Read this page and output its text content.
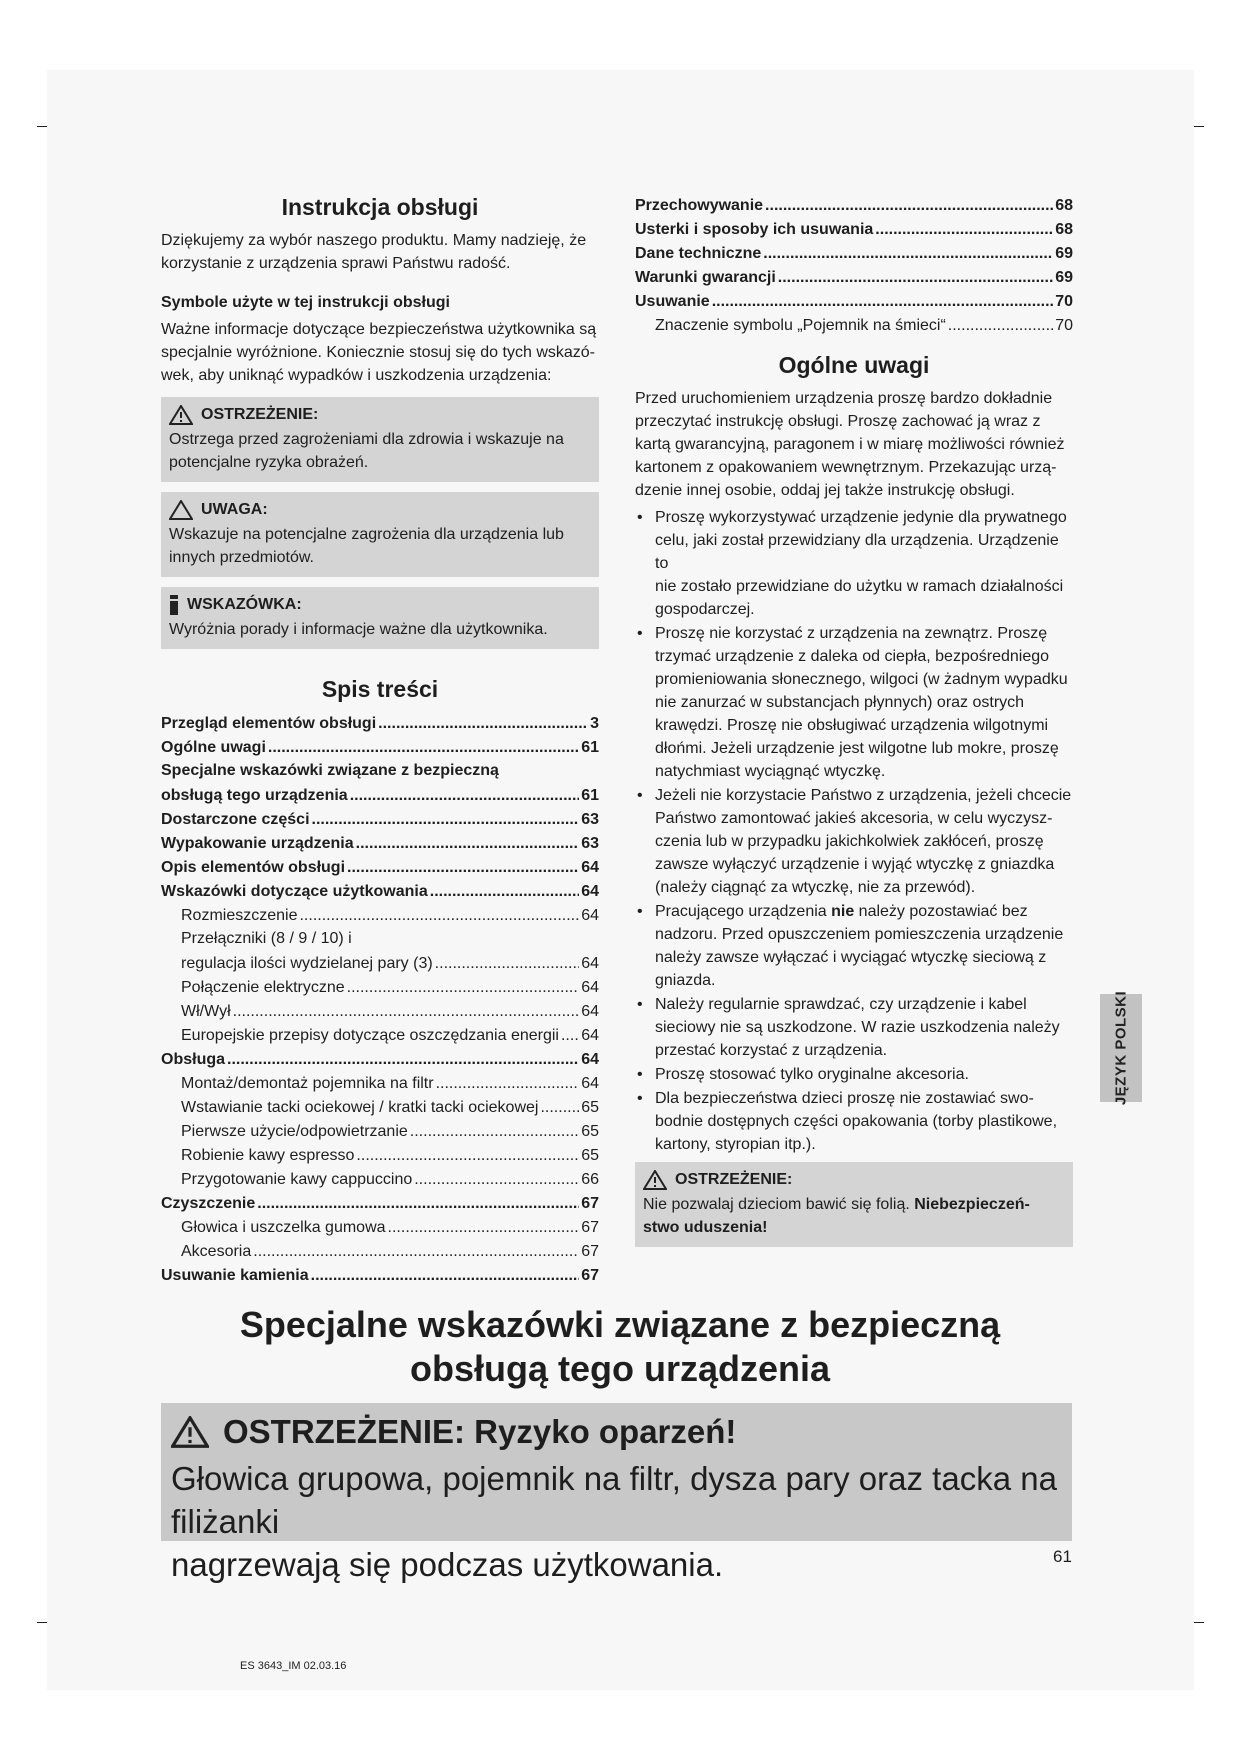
Instrukcja obsługi

Dziękujemy za wybór naszego produktu. Mamy nadzieję, że

korzystanie z urządzenia sprawi Państwu radość.

Symbole użyte w tej instrukcji obsługi
Ważne informacje dotyczące bezpieczeństwa użytkownika są
specjalnie wyróżnione. Koniecznie stosuj się do tych wskazó-
wek, aby uniknąć wypadków i uszkodzenia urządzenia:
OSTRZEŻENIE:
Ostrzega przed zagrożeniami dla zdrowia i wskazuje na
potencjalne ryzyka obrażeń.
UWAGA:
Wskazuje na potencjalne zagrożenia dla urządzenia lub
innych przedmiotów.
WSKAZÓWKA:
Wyróżnia porady i informacje ważne dla użytkownika.
Spis treści
Przegląd elementów obsługi .....	3
Ogólne uwagi .....	61
Specjalne wskazówki związane z bezpieczną
obsługą tego urządzenia .....	61
Dostarczone części .....	63
Wypakowanie urządzenia .....	63
Opis elementów obsługi .....	64
Wskazówki dotyczące użytkowania .....	64
Rozmieszczenie .....	64
Przełączniki (8 / 9 / 10) i
regulacja ilości wydzielanej pary (3) .....	64
Połączenie elektryczne .....	64
Wł/Wył .....	64
Europejskie przepisy dotyczące oszczędzania energii ..... 64
Obsługa .....	64
Montaż/demontaż pojemnika na filtr .....	64
Wstawianie tacki ociekowej / kratki tacki ociekowej .....	65
Pierwsze użycie/odpowietrzanie .....	65
Robienie kawy espresso .....	65
Przygotowanie kawy cappuccino .....	66
Czyszczenie .....	67
Głowica i uszczelka gumowa .....	67
Akcesoria .....	67
Usuwanie kamienia .....	67
Przechowywanie .....	68
Usterki i sposoby ich usuwania .....	68
Dane techniczne .....	69
Warunki gwarancji .....	69
Usuwanie .....	70
Znaczenie symbolu „Pojemnik na śmieci“ .....	70
Ogólne uwagi
Przed uruchomieniem urządzenia proszę bardzo dokładnie
przeczytać instrukcję obsługi. Proszę zachować ją wraz z
kartą gwarancyjną, paragonem i w miarę możliwości również
kartonem z opakowaniem wewnętrznym. Przekazując urzą-
dzenie innej osobie, oddaj jej także instrukcję obsługi.
• Proszę wykorzystywać urządzenie jedynie dla prywatnego
celu, jaki został przewidziany dla urządzenia. Urządzenie to
nie zostało przewidziane do użytku w ramach działalności
gospodarczej.
• Proszę nie korzystać z urządzenia na zewnątrz. Proszę
trzymać urządzenie z daleka od ciepła, bezpośredniego
promieniowania słonecznego, wilgoci (w żadnym wypadku
nie zanurzać w substancjach płynnych) oraz ostrych
krawędzi. Proszę nie obsługiwać urządzenia wilgotnymi
dłońmi. Jeżeli urządzenie jest wilgotne lub mokre, proszę
natychmiast wyciągnąć wtyczkę.
• Jeżeli nie korzystacie Państwo z urządzenia, jeżeli chcecie
Państwo zamontować jakieś akcesoria, w celu wyczysz-
czenia lub w przypadku jakichkolwiek zakłóceń, proszę
zawsze wyłączyć urządzenie i wyjąć wtyczkę z gniazdka
(należy ciągnąć za wtyczkę, nie za przewód).
• Pracującego urządzenia nie należy pozostawiać bez
nadzoru. Przed opuszczeniem pomieszczenia urządzenie
należy zawsze wyłączać i wyciągać wtyczkę sieciową z
gniazda.
• Należy regularnie sprawdzać, czy urządzenie i kabel
sieciowy nie są uszkodzone. W razie uszkodzenia należy
przestać korzystać z urządzenia.
• Proszę stosować tylko oryginalne akcesoria.
• Dla bezpieczeństwa dzieci proszę nie zostawiać swo-
bodnie dostępnych części opakowania (torby plastikowe,
kartony, styropian itp.).
OSTRZEŻENIE:
Nie pozwalaj dzieciom bawić się folią. Niebezpieczeń-
stwo uduszenia!
JĘZYK POLSKI
Specjalne wskazówki związane z bezpieczną
obsługą tego urządzenia
OSTRZEŻENIE: Ryzyko oparzeń!
Głowica grupowa, pojemnik na filtr, dysza pary oraz tacka na filiżanki
nagrzewają się podczas użytkowania.	61
ES 3643_IM 02.03.16
